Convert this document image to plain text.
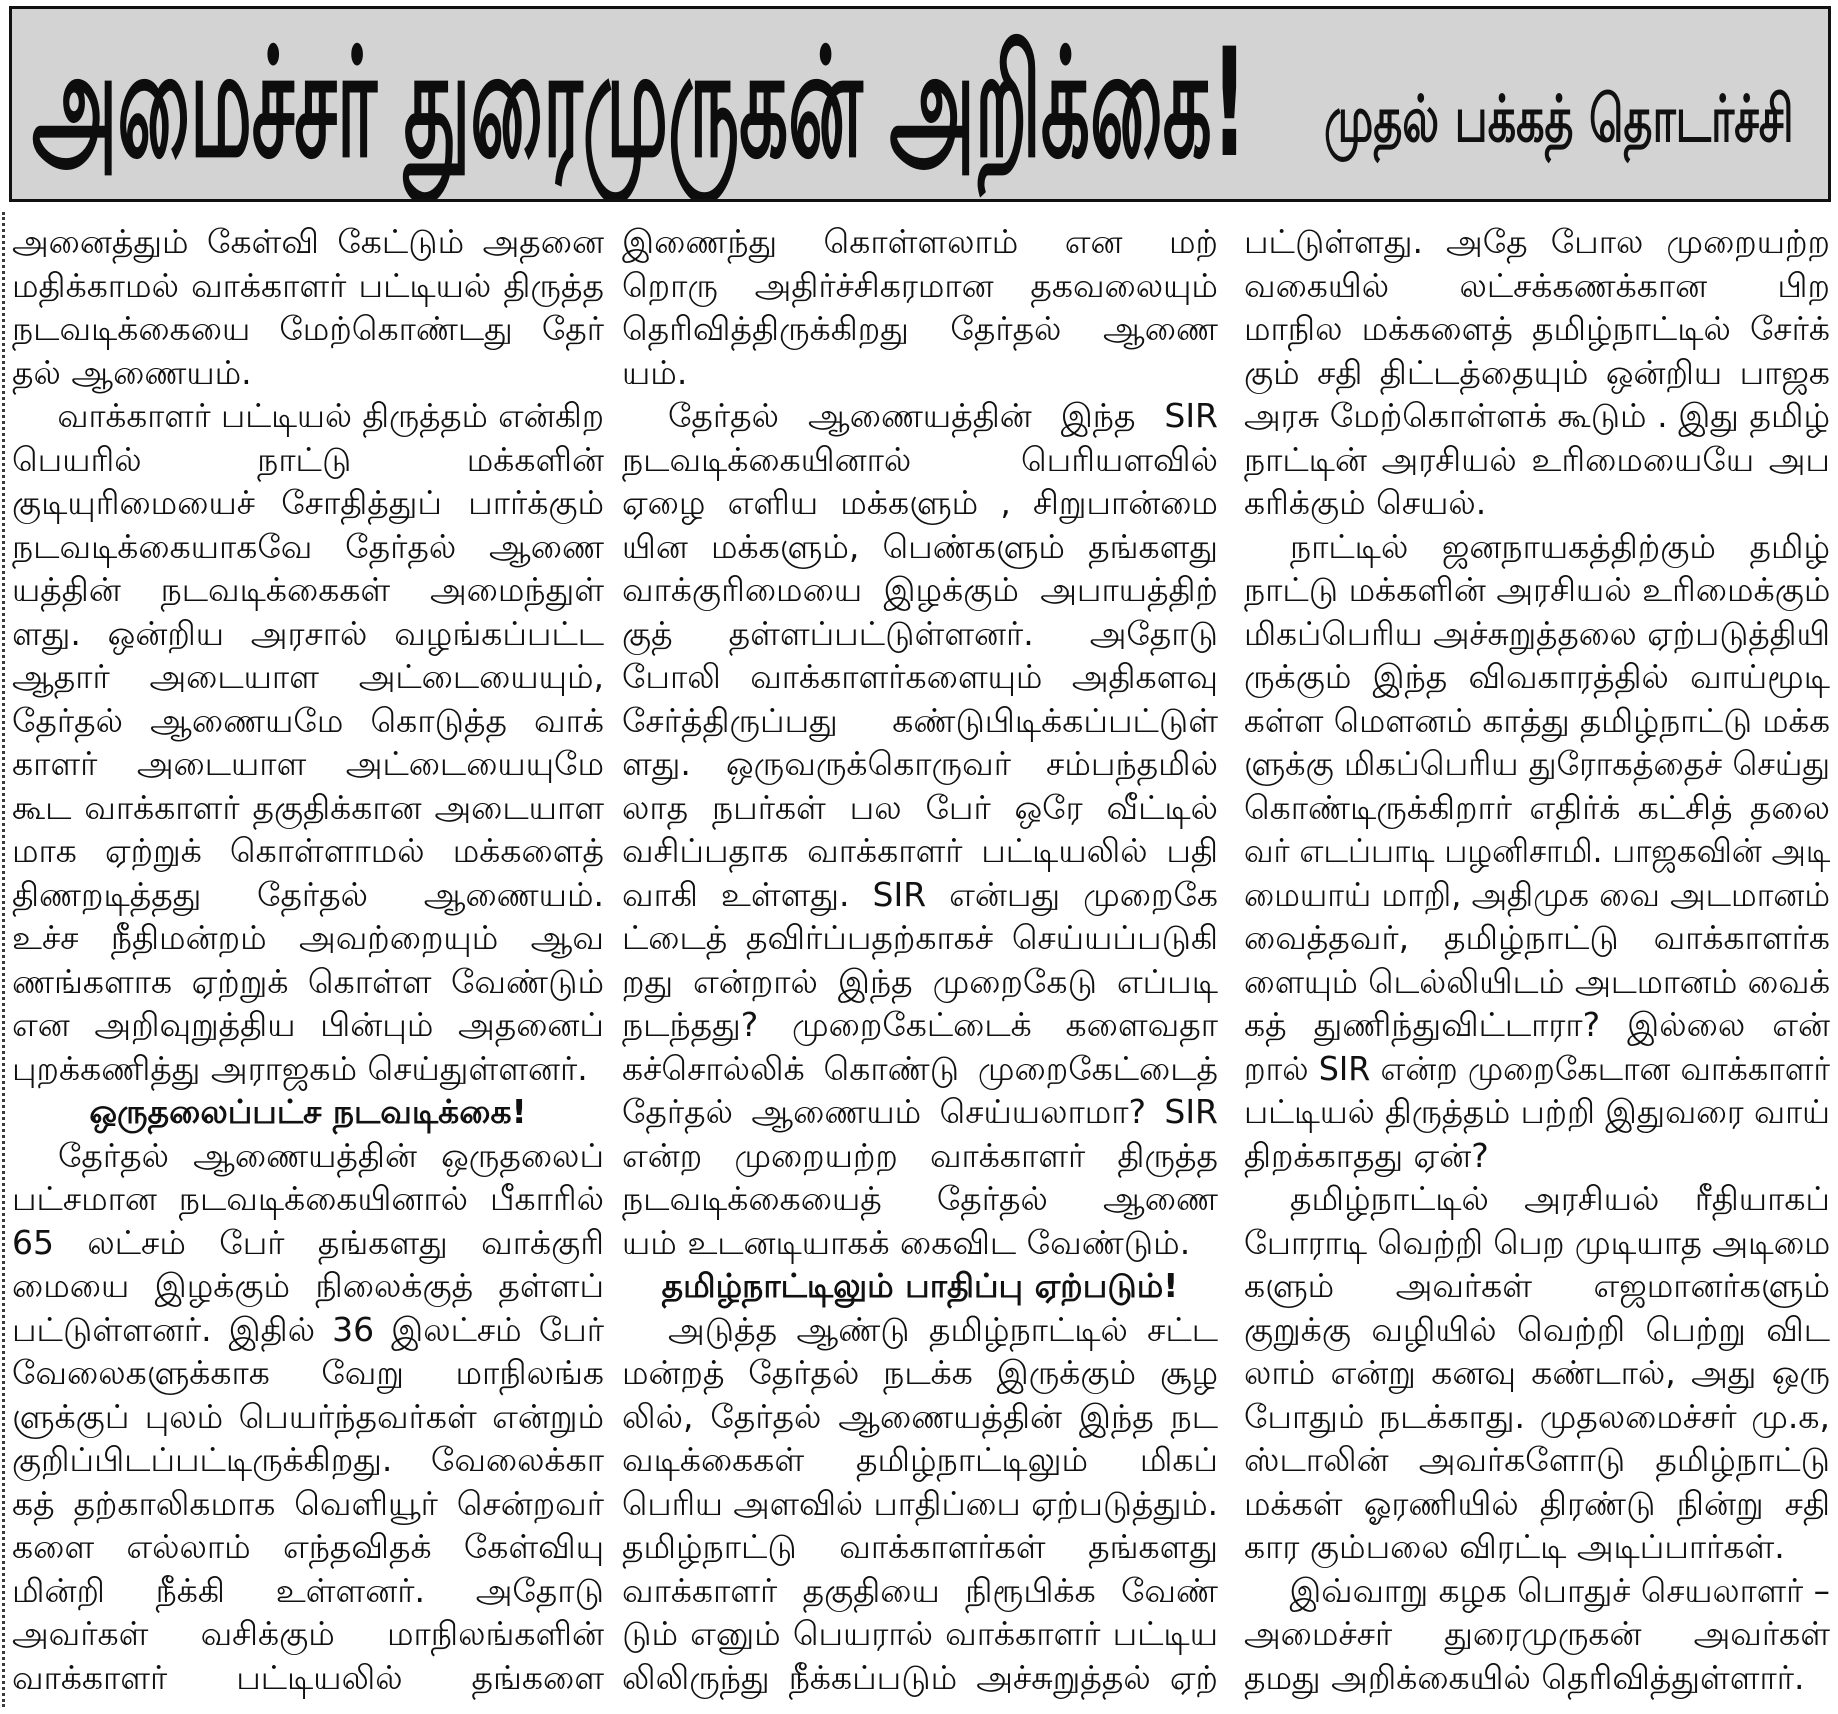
அமைச்சர் துரைமுருகன் அறிக்கை! முதல் பக்கத் தொடர்ச்சி
அனைத்தும் கேள்வி கேட்டும் அதனை
மதிக்காமல் வாக்காளர் பட்டியல் திருத்த
நடவடிக்கையை மேற்கொண்டது தேர்
தல் ஆணையம்.
வாக்காளர் பட்டியல் திருத்தம் என்கிற
பெயரில் நாட்டு மக்களின்
குடியுரிமையைச் சோதித்துப் பார்க்கும்
நடவடிக்கையாகவே தேர்தல் ஆணை
யத்தின் நடவடிக்கைகள் அமைந்துள்
ளது. ஒன்றிய அரசால் வழங்கப்பட்ட
ஆதார் அடையாள அட்டையையும்,
தேர்தல் ஆணையமே கொடுத்த வாக்
காளர் அடையாள அட்டையையுமே
கூட வாக்காளர் தகுதிக்கான அடையாள
மாக ஏற்றுக் கொள்ளாமல் மக்களைத்
திணறடித்தது தேர்தல் ஆணையம்.
உச்ச நீதிமன்றம் அவற்றையும் ஆவ
ணங்களாக ஏற்றுக் கொள்ள வேண்டும்
என அறிவுறுத்திய பின்பும் அதனைப்
புறக்கணித்து அராஜகம் செய்துள்ளனர்.
ஒருதலைப்பட்ச நடவடிக்கை!
தேர்தல் ஆணையத்தின் ஒருதலைப்
பட்சமான நடவடிக்கையினால் பீகாரில்
65 லட்சம் பேர் தங்களது வாக்குரி
மையை இழக்கும் நிலைக்குத் தள்ளப்
பட்டுள்ளனர். இதில் 36 இலட்சம் பேர்
வேலைகளுக்காக வேறு மாநிலங்க
ளுக்குப் புலம் பெயர்ந்தவர்கள் என்றும்
குறிப்பிடப்பட்டிருக்கிறது. வேலைக்கா
கத் தற்காலிகமாக வெளியூர் சென்றவர்
களை எல்லாம் எந்தவிதக் கேள்வியு
மின்றி நீக்கி உள்ளனர். அதோடு
அவர்கள் வசிக்கும் மாநிலங்களின்
வாக்காளர் பட்டியலில் தங்களை
இணைந்து கொள்ளலாம் என மற்
றொரு அதிர்ச்சிகரமான தகவலையும்
தெரிவித்திருக்கிறது தேர்தல் ஆணை
யம்.
தேர்தல் ஆணையத்தின் இந்த SIR
நடவடிக்கையினால் பெரியளவில்
ஏழை எளிய மக்களும் , சிறுபான்மை
யின மக்களும், பெண்களும் தங்களது
வாக்குரிமையை இழக்கும் அபாயத்திற்
குத் தள்ளப்பட்டுள்ளனர். அதோடு
போலி வாக்காளர்களையும் அதிகளவு
சேர்த்திருப்பது கண்டுபிடிக்கப்பட்டுள்
ளது. ஒருவருக்கொருவர் சம்பந்தமில்
லாத நபர்கள் பல பேர் ஒரே வீட்டில்
வசிப்பதாக வாக்காளர் பட்டியலில் பதி
வாகி உள்ளது. SIR என்பது முறைகே
ட்டைத் தவிர்ப்பதற்காகச் செய்யப்படுகி
றது என்றால் இந்த முறைகேடு எப்படி
நடந்தது? முறைகேட்டைக் களைவதா
கச்சொல்லிக் கொண்டு முறைகேட்டைத்
தேர்தல் ஆணையம் செய்யலாமா? SIR
என்ற முறையற்ற வாக்காளர் திருத்த
நடவடிக்கையைத் தேர்தல் ஆணை
யம் உடனடியாகக் கைவிட வேண்டும்.
தமிழ்நாட்டிலும் பாதிப்பு ஏற்படும்!
அடுத்த ஆண்டு தமிழ்நாட்டில் சட்ட
மன்றத் தேர்தல் நடக்க இருக்கும் சூழ
லில், தேர்தல் ஆணையத்தின் இந்த நட
வடிக்கைகள் தமிழ்நாட்டிலும் மிகப்
பெரிய அளவில் பாதிப்பை ஏற்படுத்தும்.
தமிழ்நாட்டு வாக்காளர்கள் தங்களது
வாக்காளர் தகுதியை நிரூபிக்க வேண்
டும் எனும் பெயரால் வாக்காளர் பட்டிய
லிலிருந்து நீக்கப்படும் அச்சுறுத்தல் ஏற்
பட்டுள்ளது. அதே போல முறையற்ற
வகையில் லட்சக்கணக்கான பிற
மாநில மக்களைத் தமிழ்நாட்டில் சேர்க்
கும் சதி திட்டத்தையும் ஒன்றிய பாஜக
அரசு மேற்கொள்ளக் கூடும் . இது தமிழ்
நாட்டின் அரசியல் உரிமையையே அப
கரிக்கும் செயல்.
நாட்டில் ஜனநாயகத்திற்கும் தமிழ்
நாட்டு மக்களின் அரசியல் உரிமைக்கும்
மிகப்பெரிய அச்சுறுத்தலை ஏற்படுத்தியி
ருக்கும் இந்த விவகாரத்தில் வாய்மூடி
கள்ள மௌனம் காத்து தமிழ்நாட்டு மக்க
ளுக்கு மிகப்பெரிய துரோகத்தைச் செய்து
கொண்டிருக்கிறார் எதிர்க் கட்சித் தலை
வர் எடப்பாடி பழனிசாமி. பாஜகவின் அடி
மையாய் மாறி, அதிமுக வை அடமானம்
வைத்தவர், தமிழ்நாட்டு வாக்காளர்க
ளையும் டெல்லியிடம் அடமானம் வைக்
கத் துணிந்துவிட்டாரா? இல்லை என்
றால் SIR என்ற முறைகேடான வாக்காளர்
பட்டியல் திருத்தம் பற்றி இதுவரை வாய்
திறக்காதது ஏன்?
தமிழ்நாட்டில் அரசியல் ரீதியாகப்
போராடி வெற்றி பெற முடியாத அடிமை
களும் அவர்கள் எஜமானர்களும்
குறுக்கு வழியில் வெற்றி பெற்று விட
லாம் என்று கனவு கண்டால், அது ஒரு
போதும் நடக்காது. முதலமைச்சர் மு.க,
ஸ்டாலின் அவர்களோடு தமிழ்நாட்டு
மக்கள் ஓரணியில் திரண்டு நின்று சதி
கார கும்பலை விரட்டி அடிப்பார்கள்.
இவ்வாறு கழக பொதுச் செயலாளர் –
அமைச்சர் துரைமுருகன் அவர்கள்
தமது அறிக்கையில் தெரிவித்துள்ளார்.
